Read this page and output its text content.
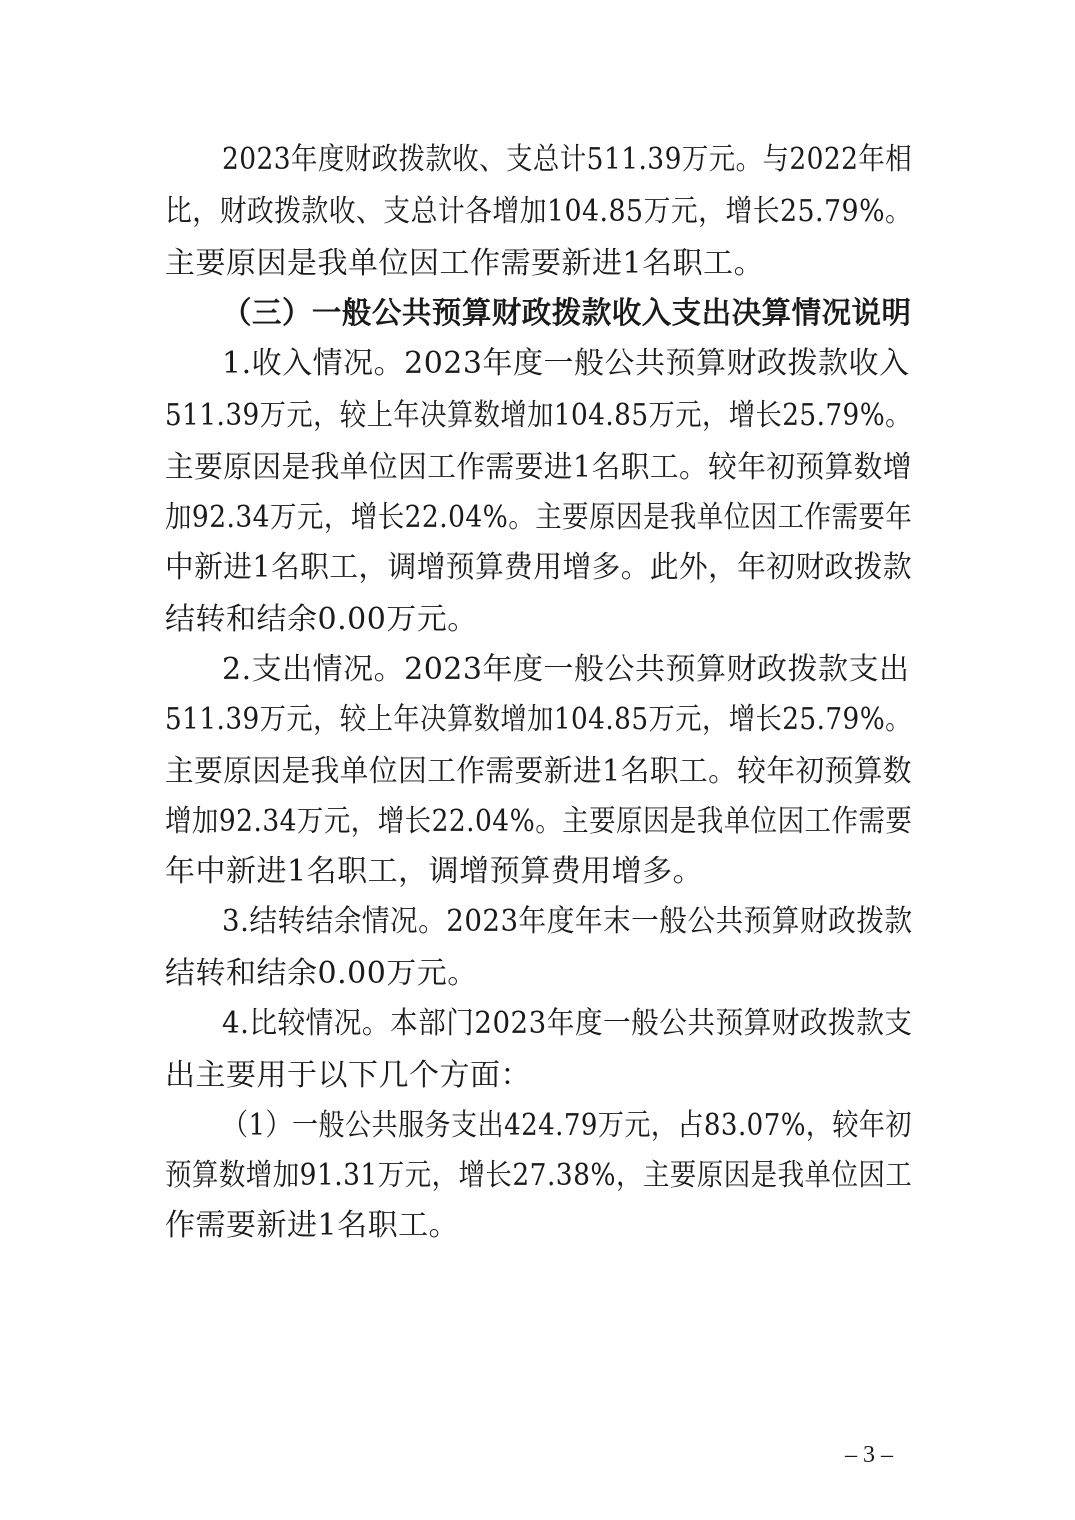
2023年度财政拨款收、支总计511.39万元。与2022年相
比，财政拨款收、支总计各增加104.85万元，增长25.79%。
主要原因是我单位因工作需要新进1名职工。
（三）一般公共预算财政拨款收入支出决算情况说明
1.收入情况。2023年度一般公共预算财政拨款收入
511.39万元，较上年决算数增加104.85万元，增长25.79%。
主要原因是我单位因工作需要进1名职工。较年初预算数增
加92.34万元，增长22.04%。主要原因是我单位因工作需要年
中新进1名职工，调增预算费用增多。此外，年初财政拨款
结转和结余0.00万元。
2.支出情况。2023年度一般公共预算财政拨款支出
511.39万元，较上年决算数增加104.85万元，增长25.79%。
主要原因是我单位因工作需要新进1名职工。较年初预算数
增加92.34万元，增长22.04%。主要原因是我单位因工作需要
年中新进1名职工，调增预算费用增多。
3.结转结余情况。2023年度年末一般公共预算财政拨款
结转和结余0.00万元。
4.比较情况。本部门2023年度一般公共预算财政拨款支
出主要用于以下几个方面：
（1）一般公共服务支出424.79万元，占83.07%，较年初
预算数增加91.31万元，增长27.38%，主要原因是我单位因工
作需要新进1名职工。
– 3 –
